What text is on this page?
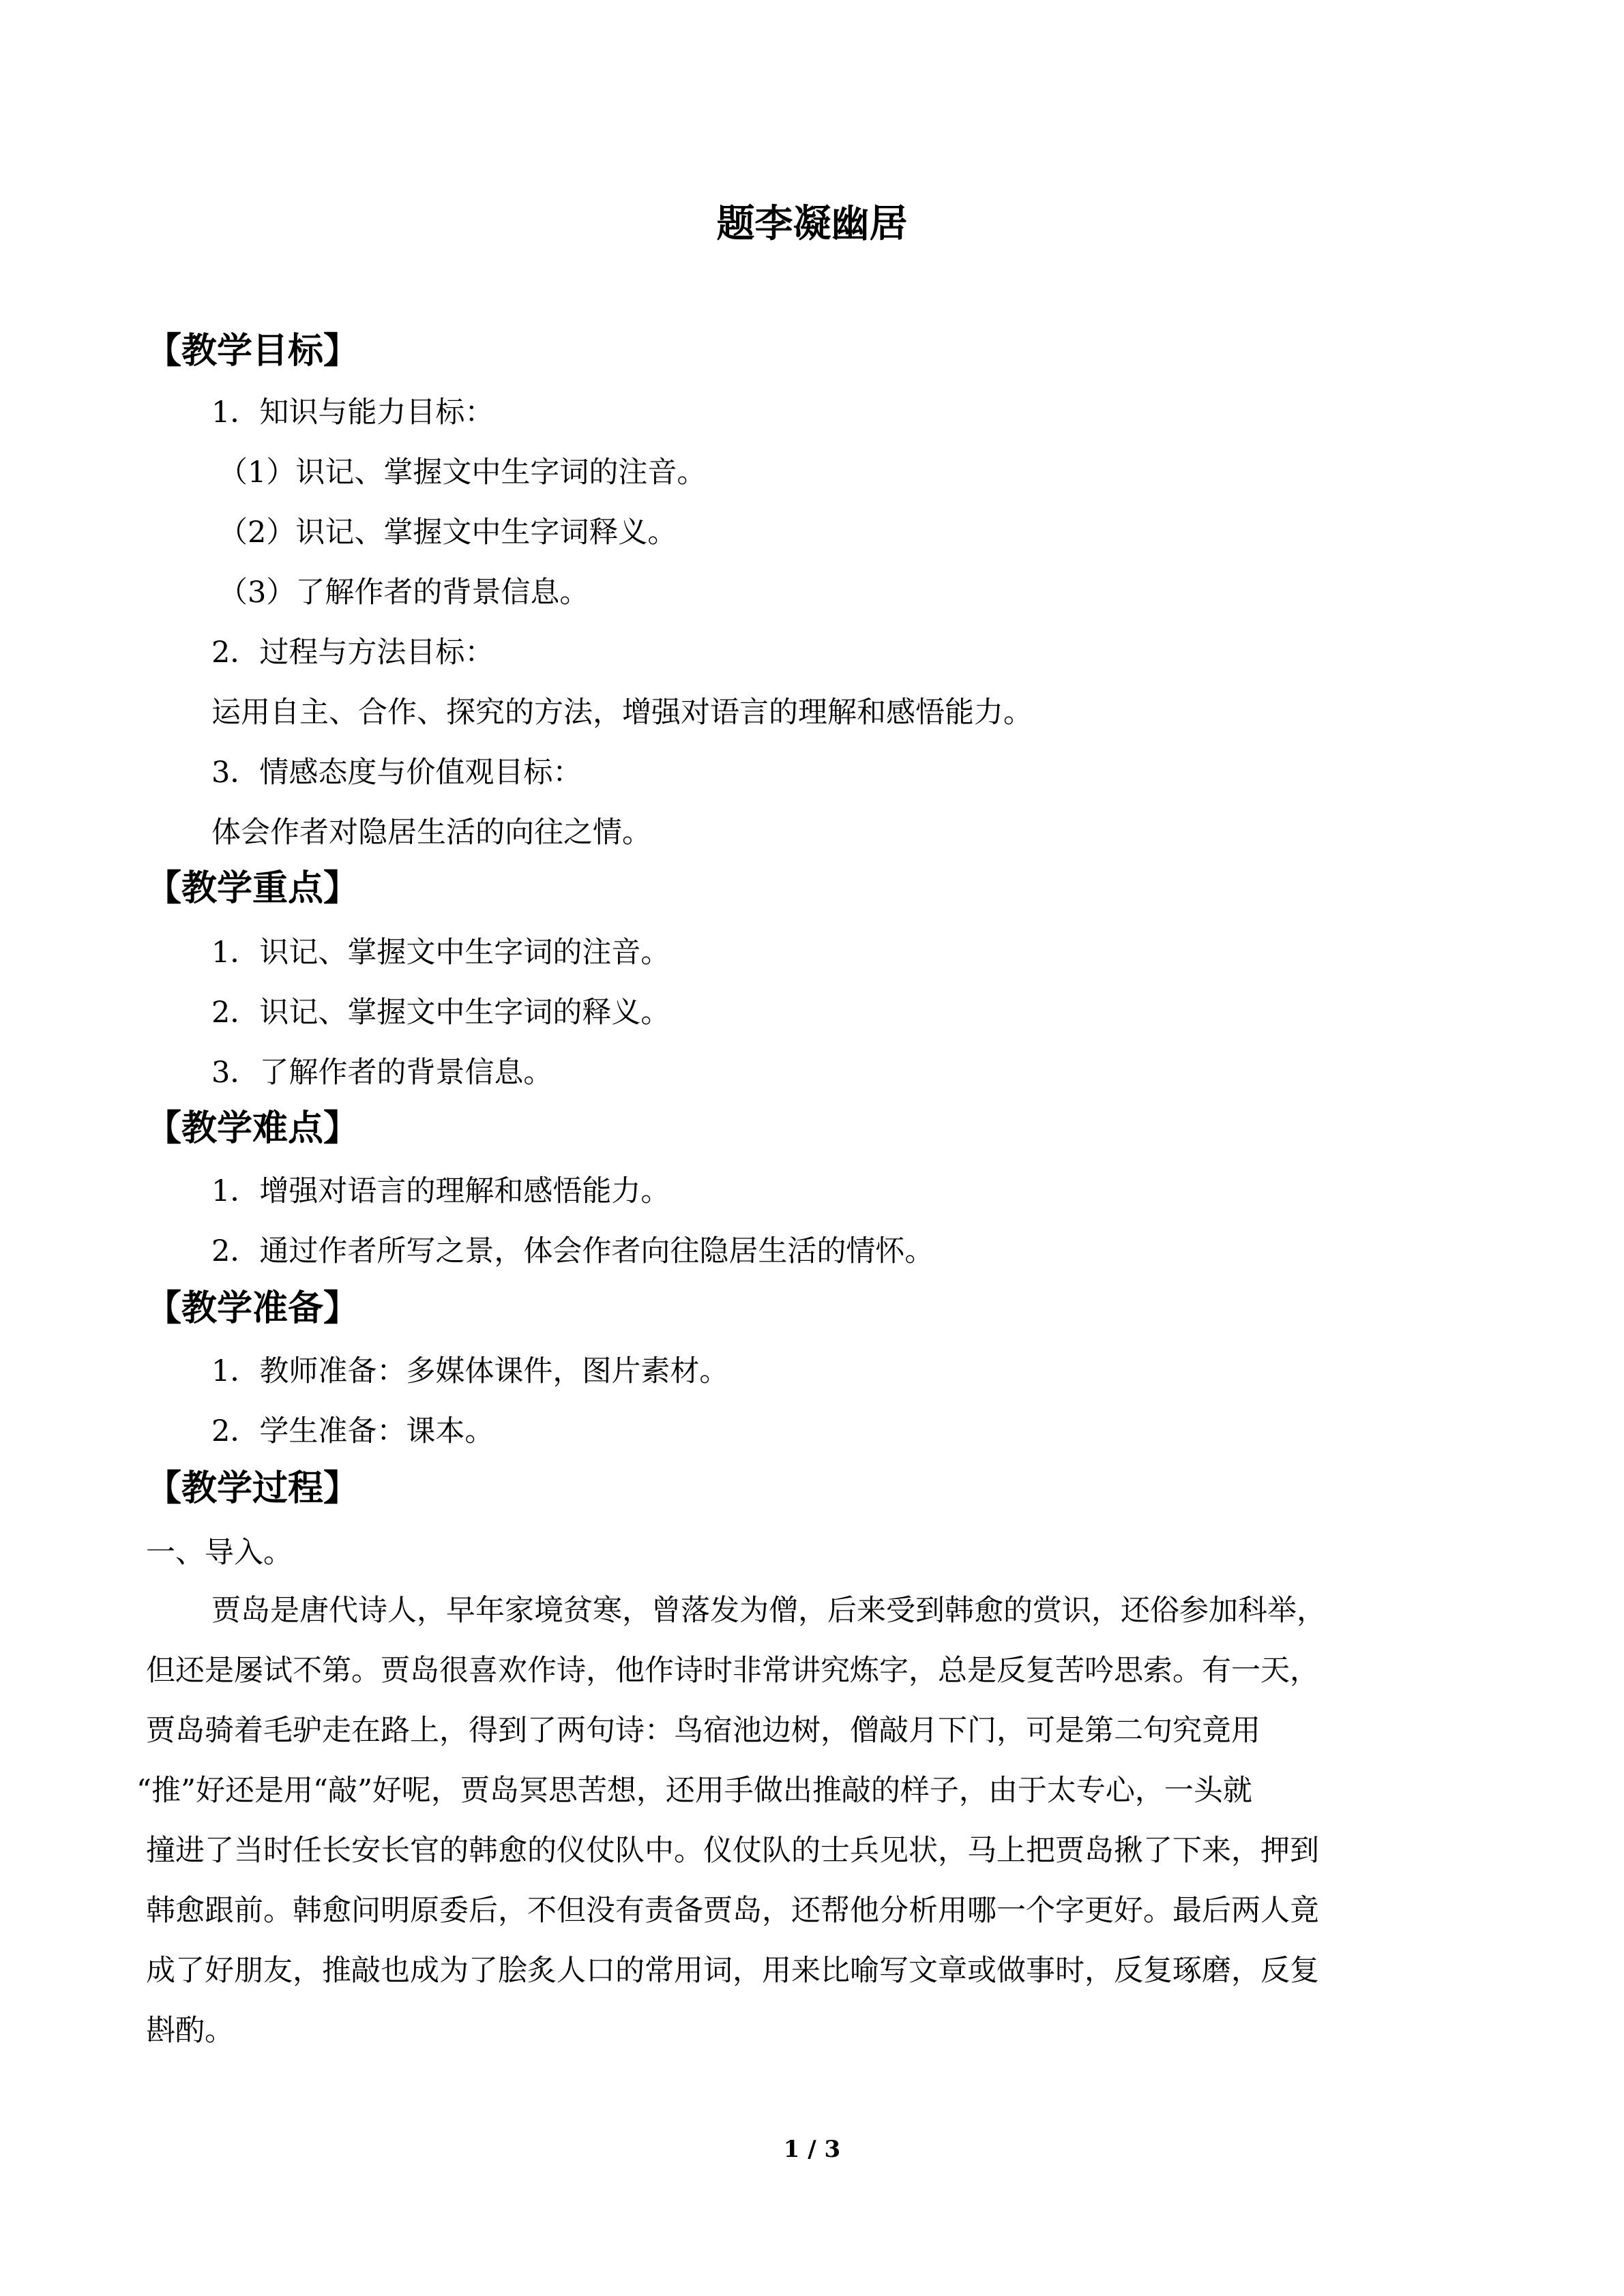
题李凝幽居
【教学目标】
1．知识与能力目标：
（1）识记、掌握文中生字词的注音。
（2）识记、掌握文中生字词释义。
（3）了解作者的背景信息。
2．过程与方法目标：
运用自主、合作、探究的方法，增强对语言的理解和感悟能力。
3．情感态度与价值观目标：
体会作者对隐居生活的向往之情。
【教学重点】
1．识记、掌握文中生字词的注音。
2．识记、掌握文中生字词的释义。
3．了解作者的背景信息。
【教学难点】
1．增强对语言的理解和感悟能力。
2．通过作者所写之景，体会作者向往隐居生活的情怀。
【教学准备】
1．教师准备：多媒体课件，图片素材。
2．学生准备：课本。
【教学过程】
一、导入。
贾岛是唐代诗人，早年家境贫寒，曾落发为僧，后来受到韩愈的赏识，还俗参加科举，
但还是屡试不第。贾岛很喜欢作诗，他作诗时非常讲究炼字，总是反复苦吟思索。有一天，
贾岛骑着毛驴走在路上，得到了两句诗：鸟宿池边树，僧敲月下门，可是第二句究竟用
“推”好还是用“敲”好呢，贾岛冥思苦想，还用手做出推敲的样子，由于太专心，一头就
撞进了当时任长安长官的韩愈的仪仗队中。仪仗队的士兵见状，马上把贾岛揪了下来，押到
韩愈跟前。韩愈问明原委后，不但没有责备贾岛，还帮他分析用哪一个字更好。最后两人竟
成了好朋友，推敲也成为了脍炙人口的常用词，用来比喻写文章或做事时，反复琢磨，反复
斟酌。
1 / 3
